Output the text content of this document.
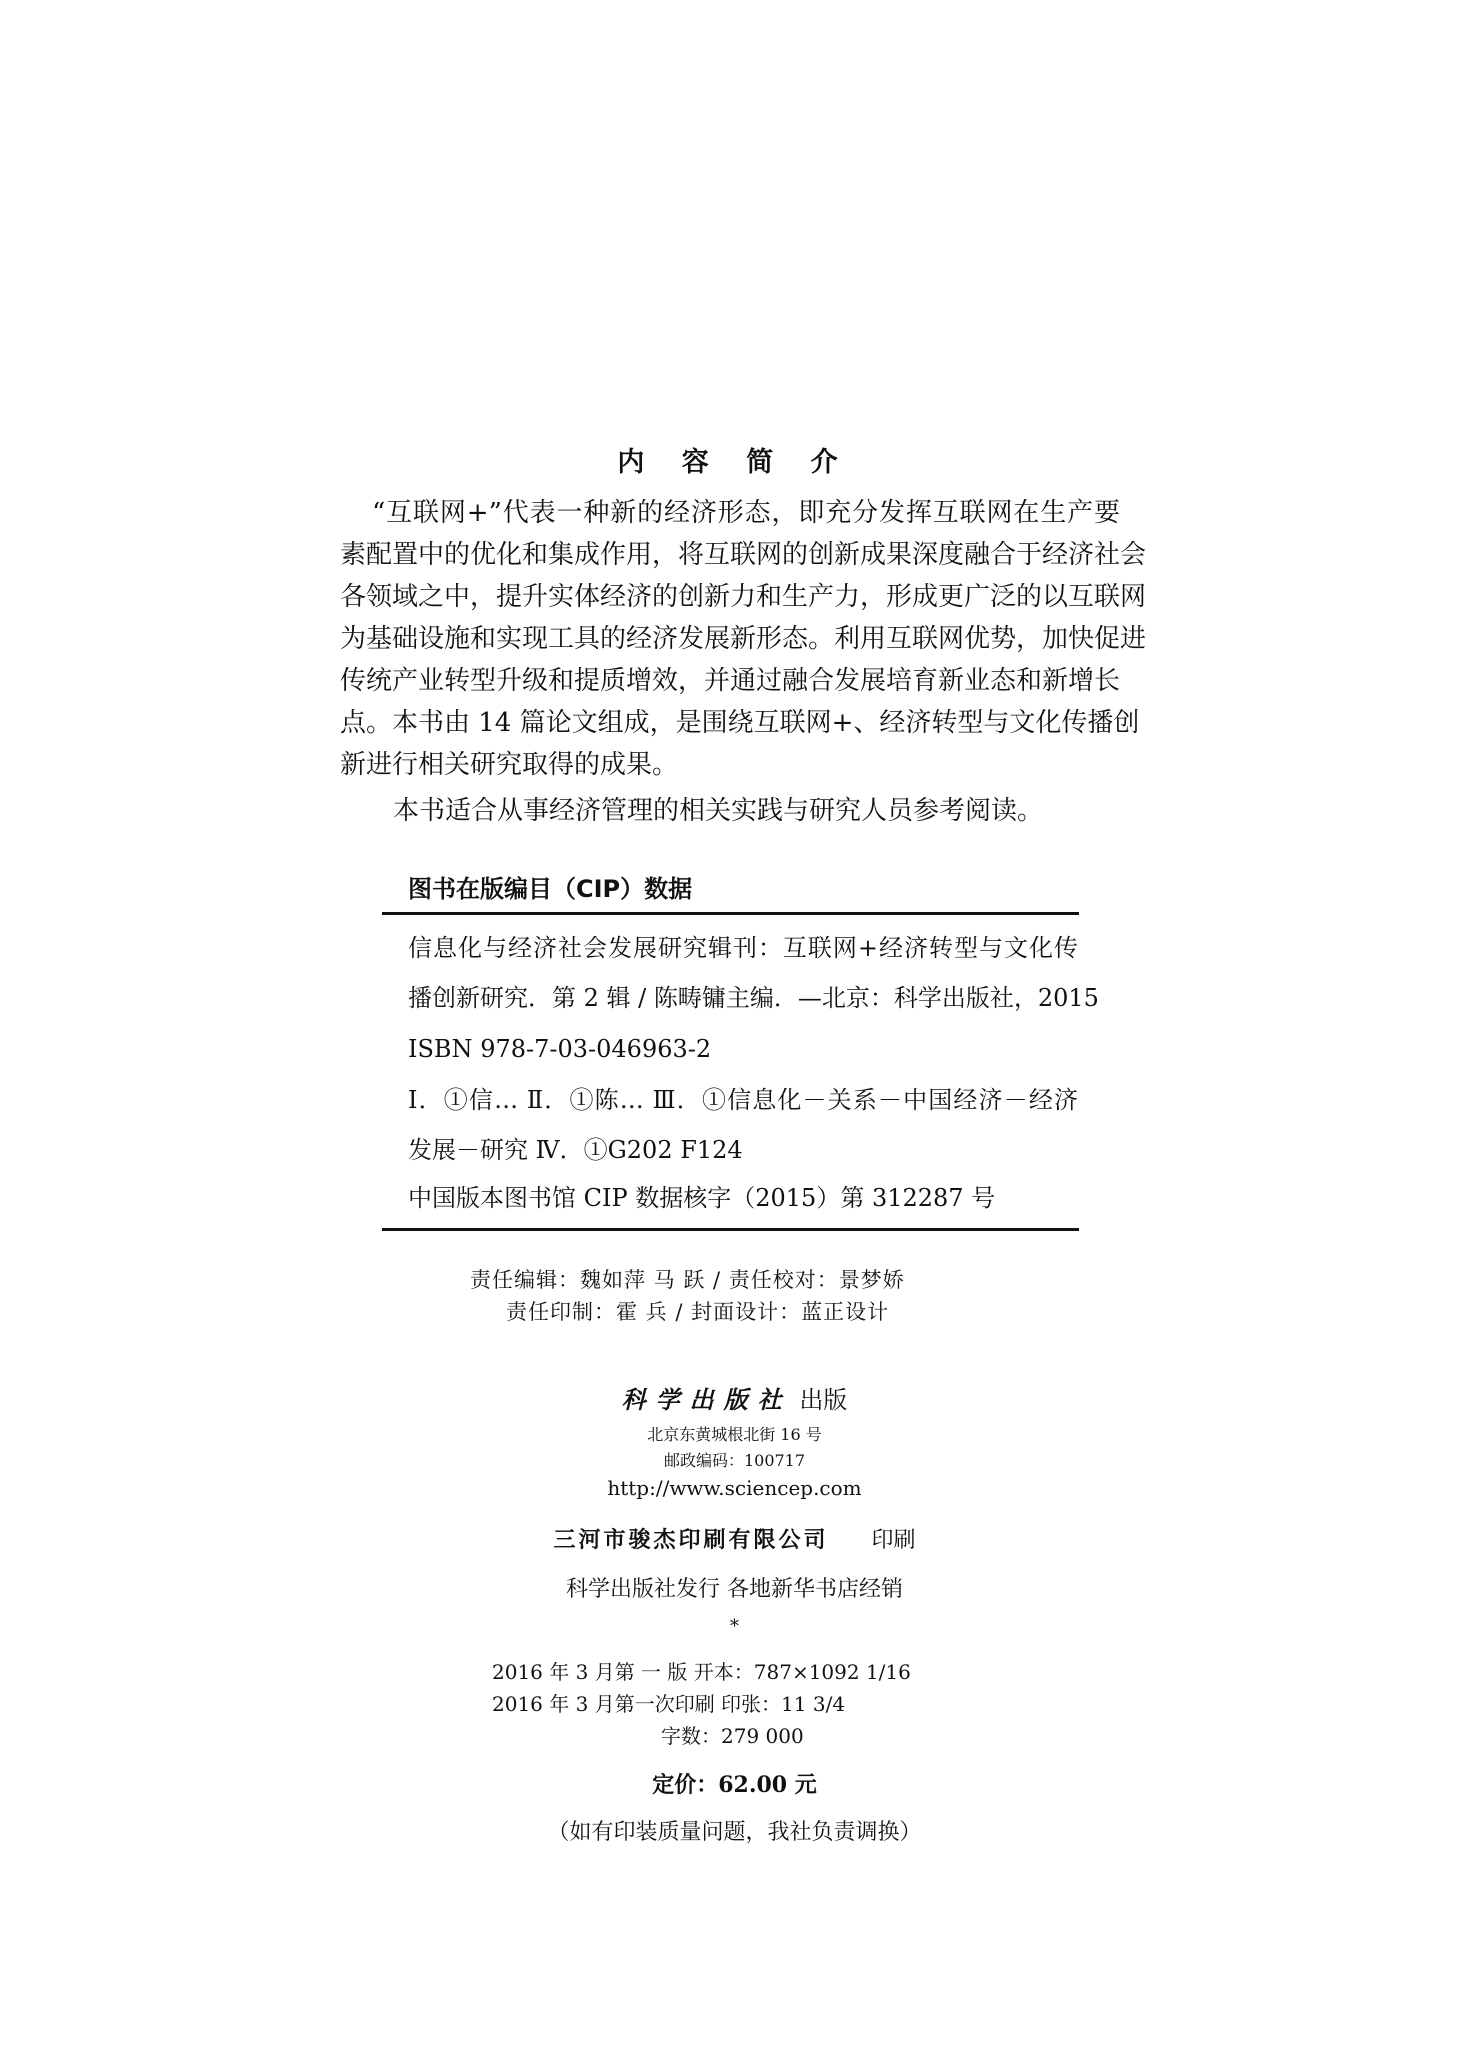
内 容 简 介
“互联网+”代表一种新的经济形态，即充分发挥互联网在生产要
素配置中的优化和集成作用，将互联网的创新成果深度融合于经济社会
各领域之中，提升实体经济的创新力和生产力，形成更广泛的以互联网
为基础设施和实现工具的经济发展新形态。利用互联网优势，加快促进
传统产业转型升级和提质增效，并通过融合发展培育新业态和新增长
点。本书由 14 篇论文组成，是围绕互联网+、经济转型与文化传播创
新进行相关研究取得的成果。
本书适合从事经济管理的相关实践与研究人员参考阅读。
图书在版编目（CIP）数据
信息化与经济社会发展研究辑刊：互联网+经济转型与文化传
播创新研究．第 2 辑 / 陈畴镛主编．—北京：科学出版社，2015
ISBN 978-7-03-046963-2
Ⅰ．①信… Ⅱ．①陈… Ⅲ．①信息化－关系－中国经济－经济
发展－研究 Ⅳ．①G202 F124
中国版本图书馆 CIP 数据核字（2015）第 312287 号
责任编辑：魏如萍 马 跃 / 责任校对：景梦娇
责任印制：霍 兵 / 封面设计：蓝正设计
科学出版社 出版
北京东黄城根北街 16 号
邮政编码：100717
http://www.sciencep.com
三河市骏杰印刷有限公司 印刷
科学出版社发行 各地新华书店经销
*
2016 年 3 月第 一 版 开本：787×1092 1/16
2016 年 3 月第一次印刷 印张：11 3/4
字数：279 000
定价：62.00 元
（如有印装质量问题，我社负责调换）
